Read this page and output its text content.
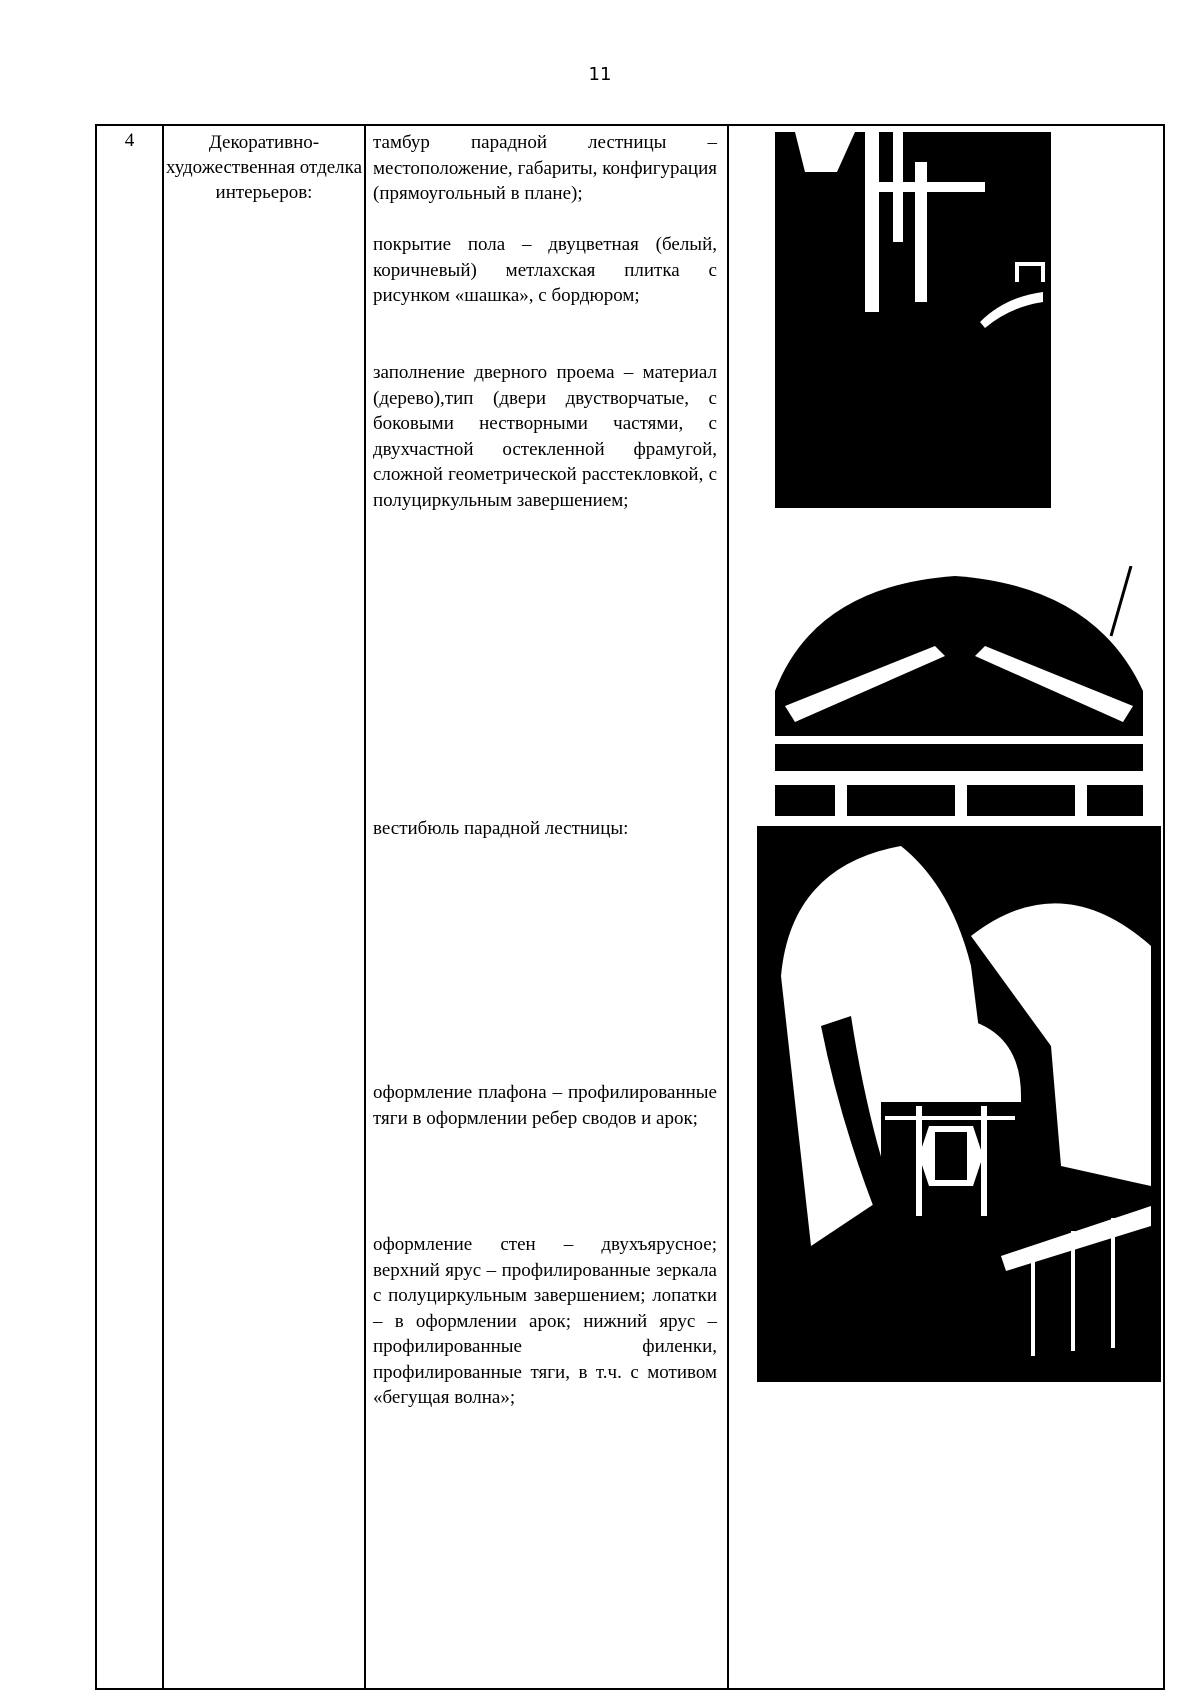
11
4	Декоративно-художественная отделка интерьеров:
тамбур парадной лестницы – местоположение, габариты, конфигурация (прямоугольный в плане);
покрытие пола – двуцветная (белый, коричневый) метлахская плитка с рисунком «шашка», с бордюром;
заполнение дверного проема – материал (дерево),тип (двери двустворчатые, с боковыми нестворными частями, с двухчастной остекленной фрамугой, сложной геометрической расстекловкой, с полуциркульным завершением;
вестибюль парадной лестницы:
оформление плафона – профилированные тяги в оформлении ребер сводов и арок;
оформление стен – двухъярусное; верхний ярус – профилированные зеркала с полуциркульным завершением; лопатки – в оформлении арок; нижний ярус – профилированные филенки, профилированные тяги, в т.ч. с мотивом «бегущая волна»;
